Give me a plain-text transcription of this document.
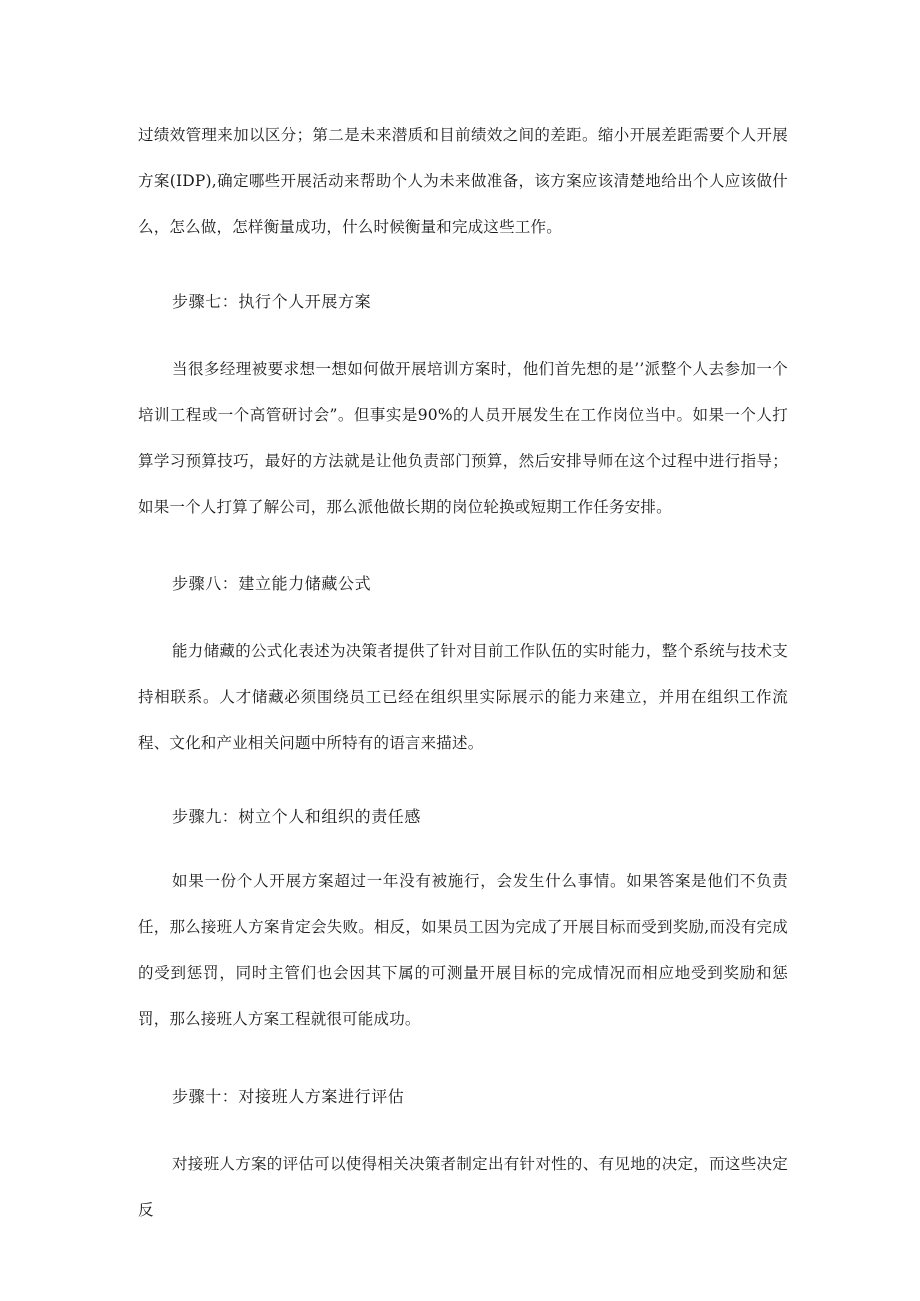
过绩效管理来加以区分；第二是未来潜质和目前绩效之间的差距。缩小开展差距需要个人开展方案(IDP),确定哪些开展活动来帮助个人为未来做准备，该方案应该清楚地给出个人应该做什么，怎么做，怎样衡量成功，什么时候衡量和完成这些工作。
步骤七：执行个人开展方案
当很多经理被要求想一想如何做开展培训方案时，他们首先想的是’’派整个人去参加一个培训工程或一个高管研讨会”。但事实是90%的人员开展发生在工作岗位当中。如果一个人打算学习预算技巧，最好的方法就是让他负责部门预算，然后安排导师在这个过程中进行指导；如果一个人打算了解公司，那么派他做长期的岗位轮换或短期工作任务安排。
步骤八：建立能力储藏公式
能力储藏的公式化表述为决策者提供了针对目前工作队伍的实时能力，整个系统与技术支持相联系。人才储藏必须围绕员工已经在组织里实际展示的能力来建立，并用在组织工作流程、文化和产业相关问题中所特有的语言来描述。
步骤九：树立个人和组织的责任感
如果一份个人开展方案超过一年没有被施行，会发生什么事情。如果答案是他们不负责任，那么接班人方案肯定会失败。相反，如果员工因为完成了开展目标而受到奖励,而没有完成的受到惩罚，同时主管们也会因其下属的可测量开展目标的完成情况而相应地受到奖励和惩罚，那么接班人方案工程就很可能成功。
步骤十：对接班人方案进行评估
对接班人方案的评估可以使得相关决策者制定出有针对性的、有见地的决定，而这些决定反
